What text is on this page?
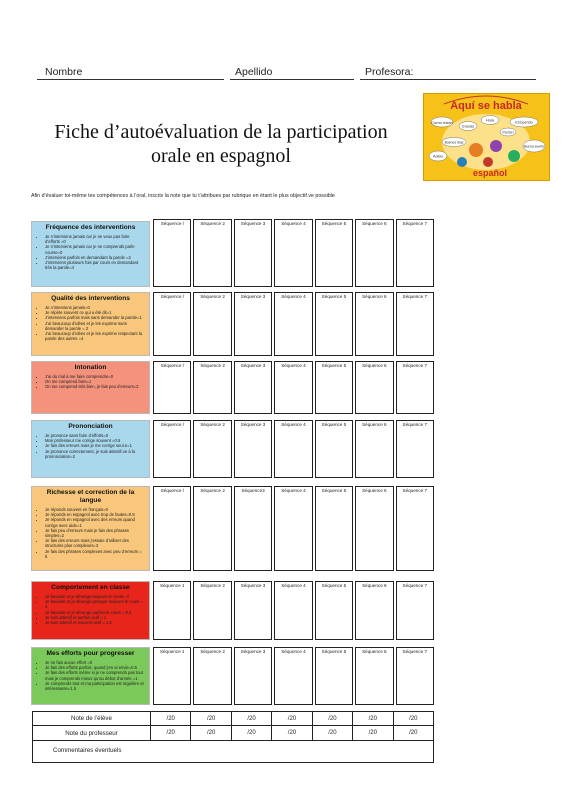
Nombre	Apellido	Profesora:
Fiche d’autoévaluation de la participation
orale en espagnol
Aquí se habla
Como están	Hola
Gracias
Estupendo
Buena suerte
Adiós
Perdón
Buenos días
español
Afin d’évaluer toi-même tes compétences à l’oral, inscris la note que tu t’attribues par rubrique en étant le plus objectif.ve possible
Fréquence des interventions
• Je n’interviens jamais car je ne veux pas faire d’efforts =0
• Je n’interviens jamais car je ne comprends parle course=0
• J’interviens parfois en demandant la parole =2
• J’interviens plusieurs fois par cours en demandant très la parole=4
Séquence l	Séquence 2	Séquence 3	Séquence 4	Séquence 5	Séquence 6	Séquence 7
Qualité des interventions
• Je n’interviens jamais=0
• Je répète souvent ce qui a été dit=1
• J’interviens parfois mais sans demander la parole=1
• J’ai beaucoup d’idées et je les exprime sans demander la parole = 2
• J’ai beaucoup d’idées et je les exprime respectant la parole des autres =4
Séquence l	Séquence 2	Séquence 3	Séquence 4	Séquence 5	Séquence 6	Séquence 7
Intonation
• J’ai du mal à me faire comprendre=0
• On me comprend bien=1
• On me comprend très bien, je fais peu d’erreurs=2
Séquence l	Séquence 2	Séquence 3	Séquence 4	Séquence 5	Séquence 6	Séquence 7
Prononciation
• Je prononce sans faire d’efforts=0
• Mon professeur me corrige souvent =0.5
• Je fais des erreurs mais je me corrige seul.e=1
• Je prononce correctement, je suis attentif.ve à la prononciation=2
Séquence l	Séquence 2	Séquence 3	Séquence 4	Séquence 5	Séquence 6	Séquence 7
Richesse et correction de la langue
• Je réponds souvent en français=0
• Je réponds en espagnol avec trop de fautes=0.5
• Je réponds en espagnol avec des erreurs quand corrige avec aide=1
• Je fais peu d’erreurs mais je fais des phrases simples=2
• Je fais des erreurs mais j’essaie d’utiliser des structures plus complexes=3
• Je fais des phrases complexes avec peu d’erreurs = 5
Séquence l	Séquence 2	Séquence3	Séquence 4	Séquence 5	Séquence 6	Séquence 7
Comportement en classe
• Je bavarde et je dérange toujours le cours= 0
• Je bavarde et je dérange presque toujours le cours = 0
• Je bavarde et je dérange parfois le cours = 0.5
• Je suis attentif et parfois actif = 1
• Je suis attentif et souvent actif = 1.5
Séquence 1	Séquence 2	Séquence 3	Séquence 4	Séquence 5	Séquence 6	Séquence 7
Mes efforts pour progresser
• Je ne fais aucun effort =0
• Je fais des efforts parfois, quand j’en ai envie=0.5
• Je fais des efforts même si je ne comprends pas tout mais je comprends mieux qu’au début d’année =1
• Je comprends tout et ma participation est régulière et intéressante=1.5
Séquence 1	Séquence 2	Séquence 3	Séquence 4	Séquence 5	Séquence 6	Séquence 7
Note de l’élève	/20	/20	/20	/20	/20	/20	/20
Note du professeur	/20	/20	/20	/20	/20	/20	/20
Commentaires éventuels
